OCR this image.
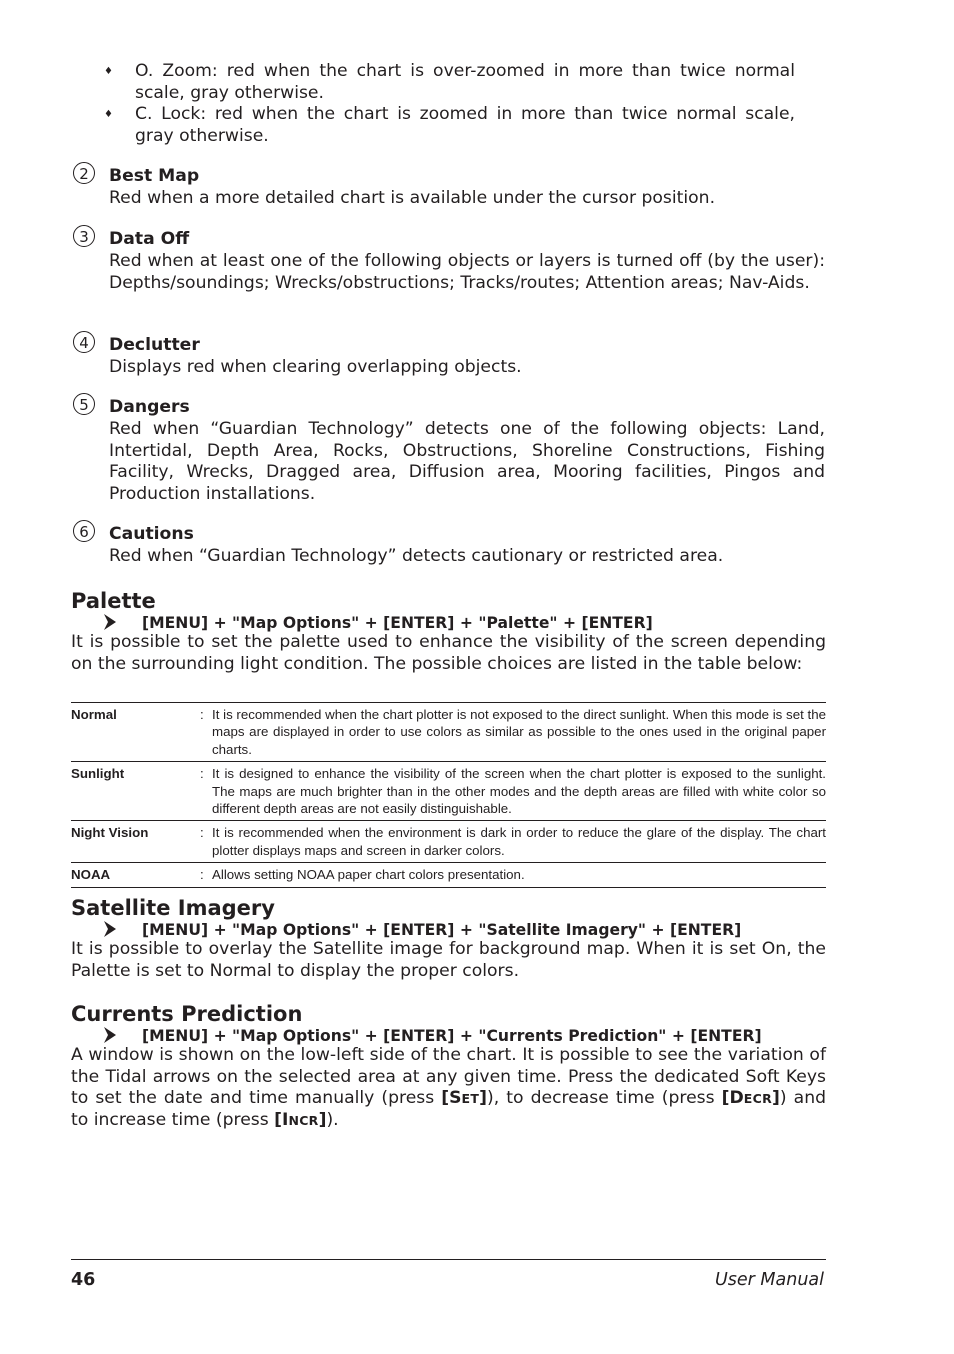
♦ O. Zoom: red when the chart is over-zoomed in more than twice normal scale, gray otherwise.
♦ C. Lock: red when the chart is zoomed in more than twice normal scale, gray otherwise.
2	Best Map
Red when a more detailed chart is available under the cursor position.
3	Data Off
Red when at least one of the following objects or layers is turned off (by the user): Depths/soundings; Wrecks/obstructions; Tracks/routes; Attention areas; Nav-Aids.
4	Declutter
Displays red when clearing overlapping objects.
5	Dangers
Red when “Guardian Technology” detects one of the following objects: Land, Intertidal, Depth Area, Rocks, Obstructions, Shoreline Constructions, Fishing Facility, Wrecks, Dragged area, Diffusion area, Mooring facilities, Pingos and Production installations.
6	Cautions
Red when “Guardian Technology” detects cautionary or restricted area.
Palette
[MENU] + "Map Options" + [ENTER] + "Palette" + [ENTER]
It is possible to set the palette used to enhance the visibility of the screen depending on the surrounding light condition. The possible choices are listed in the table below:
Normal	: It is recommended when the chart plotter is not exposed to the direct sunlight. When this mode is set the maps are displayed in order to use colors as similar as possible to the ones used in the original paper charts.
Sunlight	: It is designed to enhance the visibility of the screen when the chart plotter is exposed to the sunlight. The maps are much brighter than in the other modes and the depth areas are filled with white color so different depth areas are not easily distinguishable.
Night Vision	: It is recommended when the environment is dark in order to reduce the glare of the display. The chart plotter displays maps and screen in darker colors.
NOAA	: Allows setting NOAA paper chart colors presentation.
Satellite Imagery
[MENU] + "Map Options" + [ENTER] + "Satellite Imagery" + [ENTER]
It is possible to overlay the Satellite image for background map. When it is set On, the Palette is set to Normal to display the proper colors.
Currents Prediction
[MENU] + "Map Options" + [ENTER] + "Currents Prediction" + [ENTER]
A window is shown on the low-left side of the chart. It is possible to see the variation of the Tidal arrows on the selected area at any given time. Press the dedicated Soft Keys to set the date and time manually (press [SET]), to decrease time (press [DECR]) and to increase time (press [INCR]).
46	User Manual
